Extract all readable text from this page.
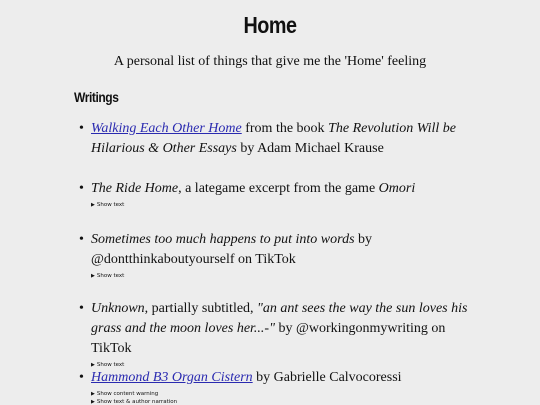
Home
A personal list of things that give me the 'Home' feeling
Writings
• Walking Each Other Home from the book The Revolution Will be Hilarious & Other Essays by Adam Michael Krause
• The Ride Home, a lategame excerpt from the game Omori
▶ Show text
• Sometimes too much happens to put into words by @dontthinkaboutyourself on TikTok
▶ Show text
• Unknown, partially subtitled, "an ant sees the way the sun loves his grass and the moon loves her...-" by @workingonmywriting on TikTok
▶ Show text
• Hammond B3 Organ Cistern by Gabrielle Calvocoressi
▶ Show content warning
▶ Show text & author narration
